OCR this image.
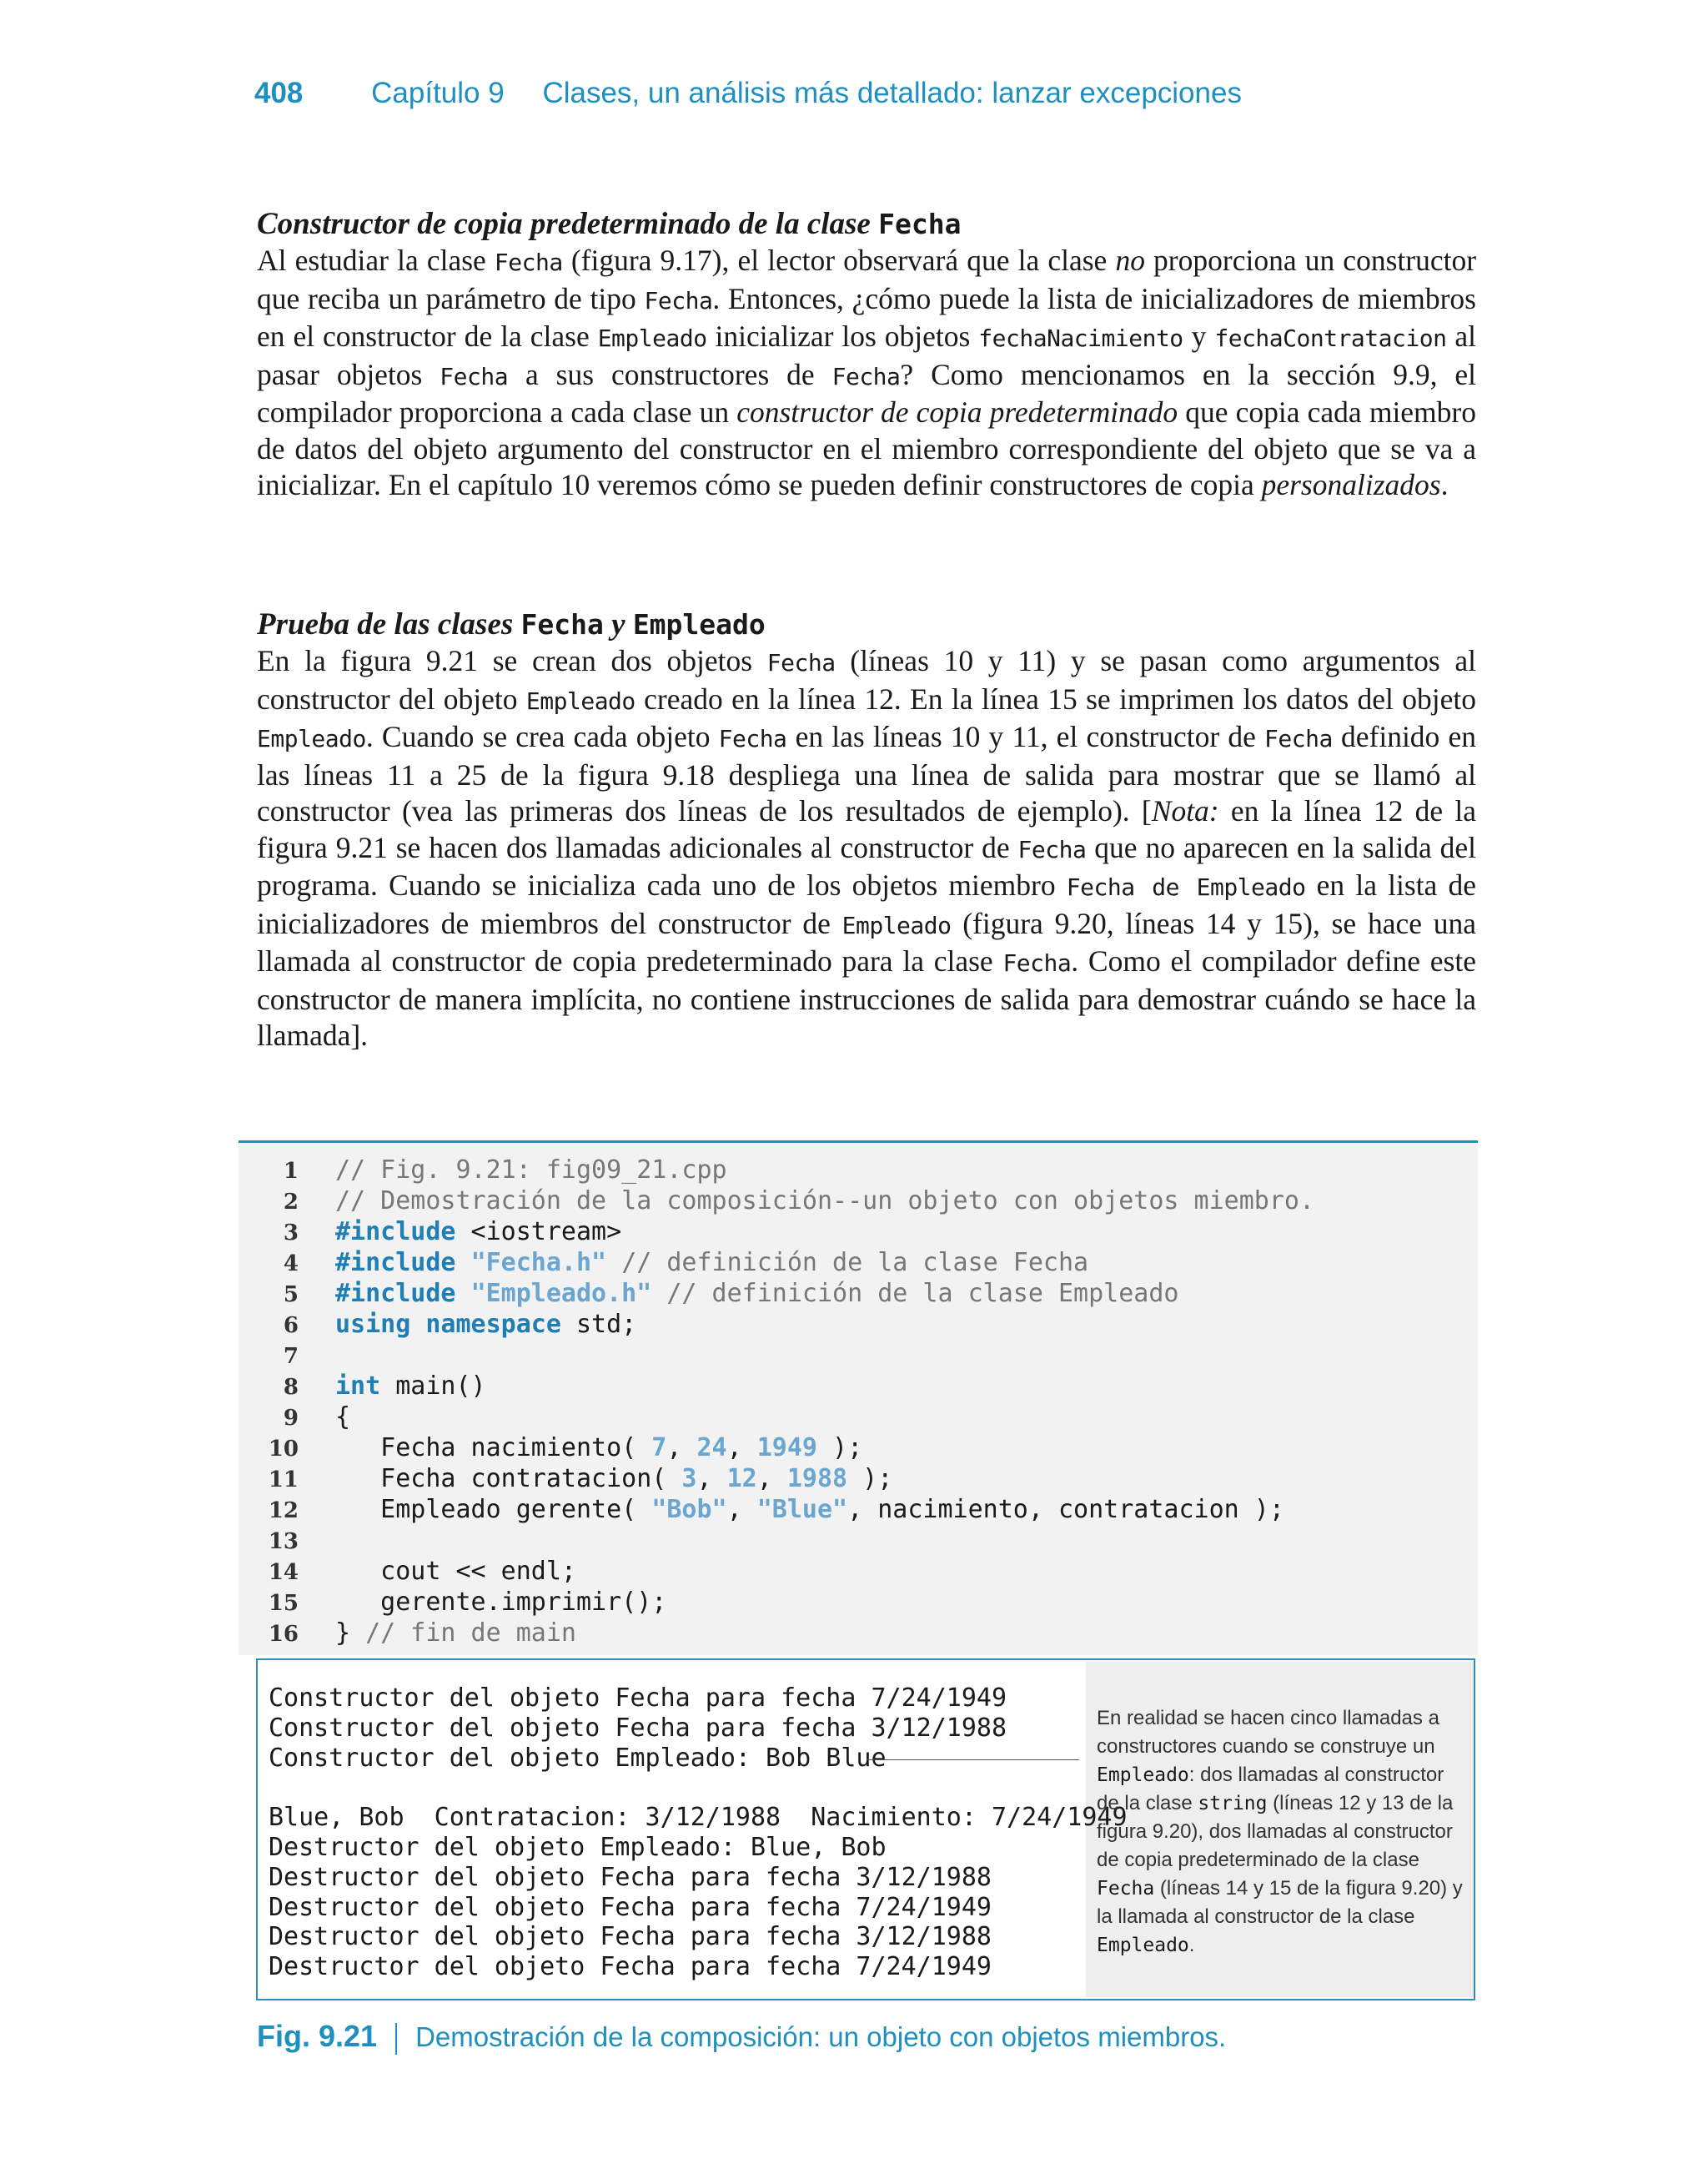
408 Capítulo 9 Clases, un análisis más detallado: lanzar excepciones
Constructor de copia predeterminado de la clase Fecha

Al estudiar la clase Fecha (figura 9.17), el lector observará que la clase no proporciona un constructor que reciba un parámetro de tipo Fecha. Entonces, ¿cómo puede la lista de inicializadores de miembros en el constructor de la clase Empleado inicializar los objetos fechaNacimiento y fechaContratacion al pasar objetos Fecha a sus constructores de Fecha? Como mencionamos en la sección 9.9, el compilador proporciona a cada clase un constructor de copia predeterminado que copia cada miembro de datos del objeto argumento del constructor en el miembro correspondiente del objeto que se va a inicializar. En el capítulo 10 veremos cómo se pueden definir constructores de copia personalizados.

Prueba de las clases Fecha y Empleado

En la figura 9.21 se crean dos objetos Fecha (líneas 10 y 11) y se pasan como argumentos al constructor del objeto Empleado creado en la línea 12. En la línea 15 se imprimen los datos del objeto Empleado. Cuando se crea cada objeto Fecha en las líneas 10 y 11, el constructor de Fecha definido en las líneas 11 a 25 de la figura 9.18 despliega una línea de salida para mostrar que se llamó al constructor (vea las primeras dos líneas de los resultados de ejemplo). [Nota: en la línea 12 de la figura 9.21 se hacen dos llamadas adicionales al constructor de Fecha que no aparecen en la salida del programa. Cuando se inicializa cada uno de los objetos miembro Fecha de Empleado en la lista de inicializadores de miembros del constructor de Empleado (figura 9.20, líneas 14 y 15), se hace una llamada al constructor de copia predeterminado para la clase Fecha. Como el compilador define este constructor de manera implícita, no contiene instrucciones de salida para demostrar cuándo se hace la llamada].

1 // Fig. 9.21: fig09_21.cpp
2 // Demostración de la composición--un objeto con objetos miembro.
3 #include <iostream>
4 #include "Fecha.h" // definición de la clase Fecha
5 #include "Empleado.h" // definición de la clase Empleado
6 using namespace std;
7
8 int main()
9 {
10   Fecha nacimiento( 7, 24, 1949 );
11   Fecha contratacion( 3, 12, 1988 );
12   Empleado gerente( "Bob", "Blue", nacimiento, contratacion );
13
14   cout << endl;
15   gerente.imprimir();
16 } // fin de main
Constructor del objeto Fecha para fecha 7/24/1949
Constructor del objeto Fecha para fecha 3/12/1988
Constructor del objeto Empleado: Bob Blue

Blue, Bob  Contratacion: 3/12/1988  Nacimiento: 7/24/1949
Destructor del objeto Empleado: Blue, Bob
Destructor del objeto Fecha para fecha 3/12/1988
Destructor del objeto Fecha para fecha 7/24/1949
Destructor del objeto Fecha para fecha 3/12/1988
Destructor del objeto Fecha para fecha 7/24/1949

En realidad se hacen cinco llamadas a constructores cuando se construye un Empleado: dos llamadas al constructor de la clase string (líneas 12 y 13 de la figura 9.20), dos llamadas al constructor de copia predeterminado de la clase Fecha (líneas 14 y 15 de la figura 9.20) y la llamada al constructor de la clase Empleado.

Fig. 9.21 Demostración de la composición: un objeto con objetos miembros.
